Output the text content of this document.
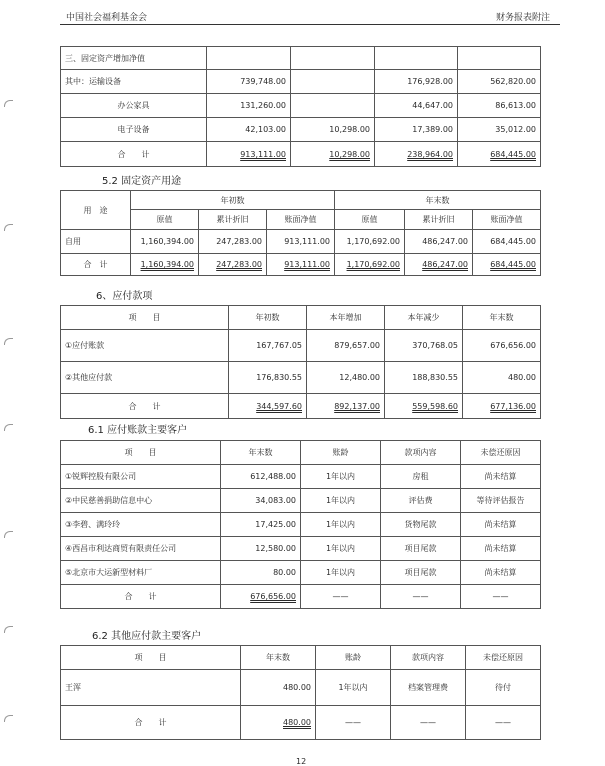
中国社会福利基金会	财务报表附注
三、固定资产增加净值				
其中：运输设备	739,748.00		176,928.00	562,820.00
办公家具	131,260.00		44,647.00	86,613.00
电子设备	42,103.00	10,298.00	17,389.00	35,012.00
合　　计	913,111.00	10,298.00	238,964.00	684,445.00
5.2 固定资产用途
用　途	年初数			年末数		
	原值	累计折旧	账面净值	原值	累计折旧	账面净值
自用	1,160,394.00	247,283.00	913,111.00	1,170,692.00	486,247.00	684,445.00
合　计	1,160,394.00	247,283.00	913,111.00	1,170,692.00	486,247.00	684,445.00
6、应付款项
项　　目	年初数	本年增加	本年减少	年末数
①应付账款	167,767.05	879,657.00	370,768.05	676,656.00
②其他应付款	176,830.55	12,480.00	188,830.55	480.00
合　　计	344,597.60	892,137.00	559,598.60	677,136.00
6.1 应付账款主要客户
项　　目	年末数	账龄	款项内容	未偿还原因
①锐辉控股有限公司	612,488.00	1年以内	房租	尚未结算
②中民慈善捐助信息中心	34,083.00	1年以内	评估费	等待评估报告
③李碧、满玲玲	17,425.00	1年以内	货物尾款	尚未结算
④西昌市利达商贸有限责任公司	12,580.00	1年以内	项目尾款	尚未结算
⑤北京市大运新型材料厂	80.00	1年以内	项目尾款	尚未结算
合　　计	676,656.00	——	——	——
6.2 其他应付款主要客户
项　　目	年末数	账龄	款项内容	未偿还原因
王浑	480.00	1年以内	档案管理费	待付
合　　计	480.00	——	——	——
12
